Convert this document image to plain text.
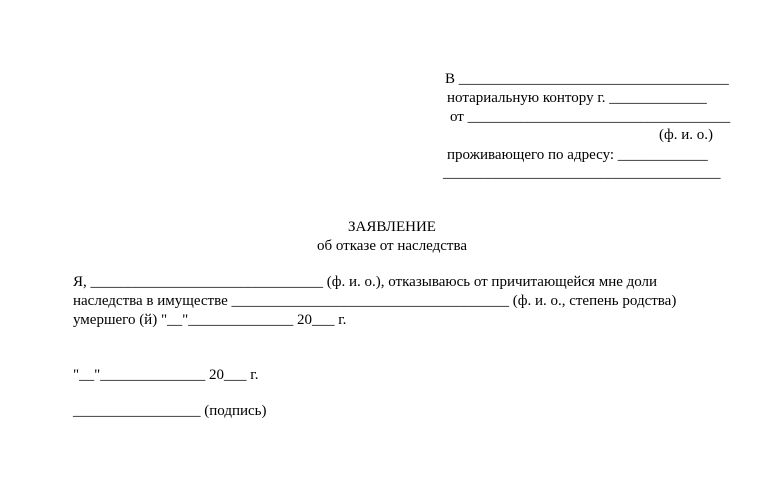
В ____________________________________
нотариальную контору г. _____________
от ___________________________________
(ф. и. о.)
проживающего по адресу: ____________
_____________________________________
ЗАЯВЛЕНИЕ
об отказе от наследства
Я, _______________________________ (ф. и. о.), отказываюсь от причитающейся мне доли
наследства в имуществе _____________________________________ (ф. и. о., степень родства)
умершего (й) "__"______________ 20___ г.
"__"______________ 20___ г.
_________________ (подпись)
